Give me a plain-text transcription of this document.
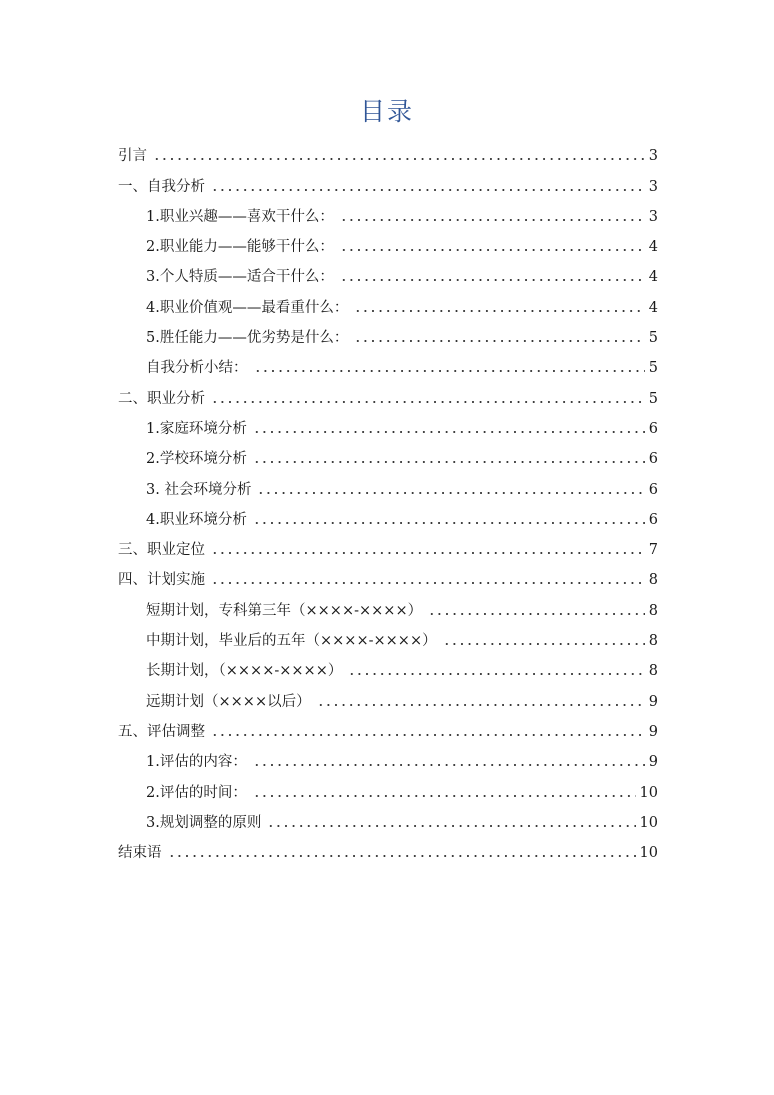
目录
引言	3
一、自我分析	3
1.职业兴趣——喜欢干什么：	3
2.职业能力——能够干什么：	4
3.个人特质——适合干什么：	4
4.职业价值观——最看重什么：	4
5.胜任能力——优劣势是什么：	5
自我分析小结：	5
二、职业分析	5
1.家庭环境分析	6
2.学校环境分析	6
3. 社会环境分析	6
4.职业环境分析	6
三、职业定位	7
四、计划实施	8
短期计划，专科第三年（××××-××××）	8
中期计划，毕业后的五年（××××-××××）	8
长期计划，（××××-××××）	8
远期计划（××××以后）	9
五、评估调整	9
1.评估的内容：	9
2.评估的时间：	10
3.规划调整的原则	10
结束语	10
